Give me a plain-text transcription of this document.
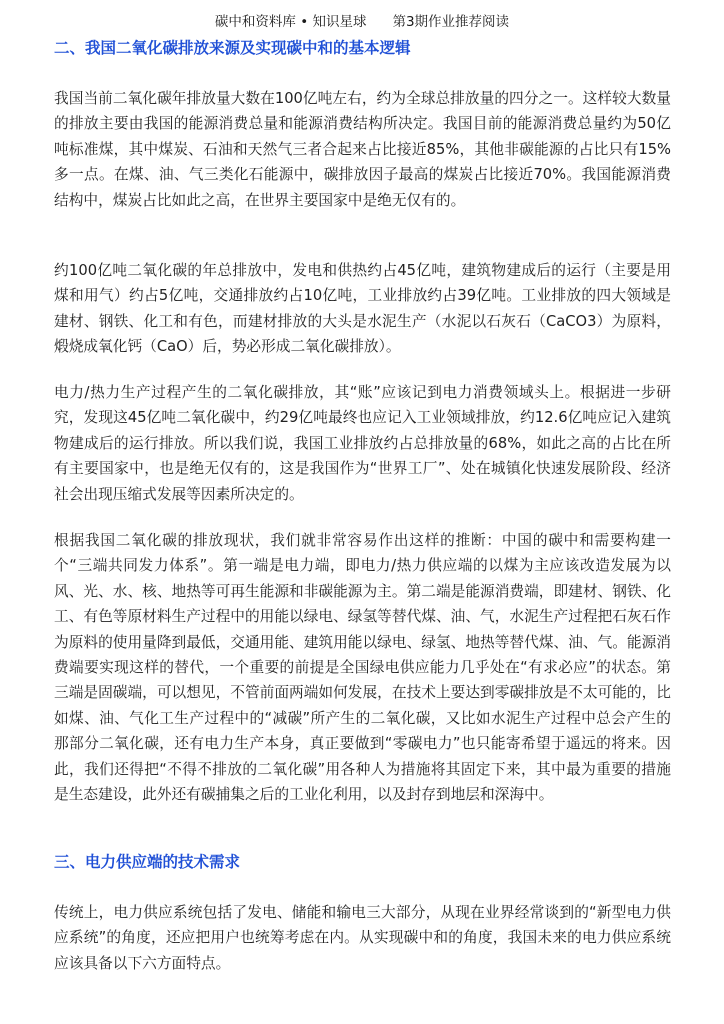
碳中和资料库 • 知识星球 第3期作业推荐阅读
二、我国二氧化碳排放来源及实现碳中和的基本逻辑

我国当前二氧化碳年排放量大数在100亿吨左右，约为全球总排放量的四分之一。这样较大数量的排放主要由我国的能源消费总量和能源消费结构所决定。我国目前的能源消费总量约为50亿吨标准煤，其中煤炭、石油和天然气三者合起来占比接近85%，其他非碳能源的占比只有15%多一点。在煤、油、气三类化石能源中，碳排放因子最高的煤炭占比接近70%。我国能源消费结构中，煤炭占比如此之高，在世界主要国家中是绝无仅有的。

约100亿吨二氧化碳的年总排放中，发电和供热约占45亿吨，建筑物建成后的运行（主要是用煤和用气）约占5亿吨，交通排放约占10亿吨，工业排放约占39亿吨。工业排放的四大领域是建材、钢铁、化工和有色，而建材排放的大头是水泥生产（水泥以石灰石（CaCO3）为原料，煅烧成氧化钙（CaO）后，势必形成二氧化碳排放）。

电力/热力生产过程产生的二氧化碳排放，其“账”应该记到电力消费领域头上。根据进一步研究，发现这45亿吨二氧化碳中，约29亿吨最终也应记入工业领域排放，约12.6亿吨应记入建筑物建成后的运行排放。所以我们说，我国工业排放约占总排放量的68%，如此之高的占比在所有主要国家中，也是绝无仅有的，这是我国作为“世界工厂”、处在城镇化快速发展阶段、经济社会出现压缩式发展等因素所决定的。

根据我国二氧化碳的排放现状，我们就非常容易作出这样的推断：中国的碳中和需要构建一个“三端共同发力体系”。第一端是电力端，即电力/热力供应端的以煤为主应该改造发展为以风、光、水、核、地热等可再生能源和非碳能源为主。第二端是能源消费端，即建材、钢铁、化工、有色等原材料生产过程中的用能以绿电、绿氢等替代煤、油、气，水泥生产过程把石灰石作为原料的使用量降到最低，交通用能、建筑用能以绿电、绿氢、地热等替代煤、油、气。能源消费端要实现这样的替代，一个重要的前提是全国绿电供应能力几乎处在“有求必应”的状态。第三端是固碳端，可以想见，不管前面两端如何发展，在技术上要达到零碳排放是不太可能的，比如煤、油、气化工生产过程中的“减碳”所产生的二氧化碳，又比如水泥生产过程中总会产生的那部分二氧化碳，还有电力生产本身，真正要做到“零碳电力”也只能寄希望于遥远的将来。因此，我们还得把“不得不排放的二氧化碳”用各种人为措施将其固定下来，其中最为重要的措施是生态建设，此外还有碳捕集之后的工业化利用，以及封存到地层和深海中。

三、电力供应端的技术需求

传统上，电力供应系统包括了发电、储能和输电三大部分，从现在业界经常谈到的“新型电力供应系统”的角度，还应把用户也统筹考虑在内。从实现碳中和的角度，我国未来的电力供应系统应该具备以下六方面特点。
